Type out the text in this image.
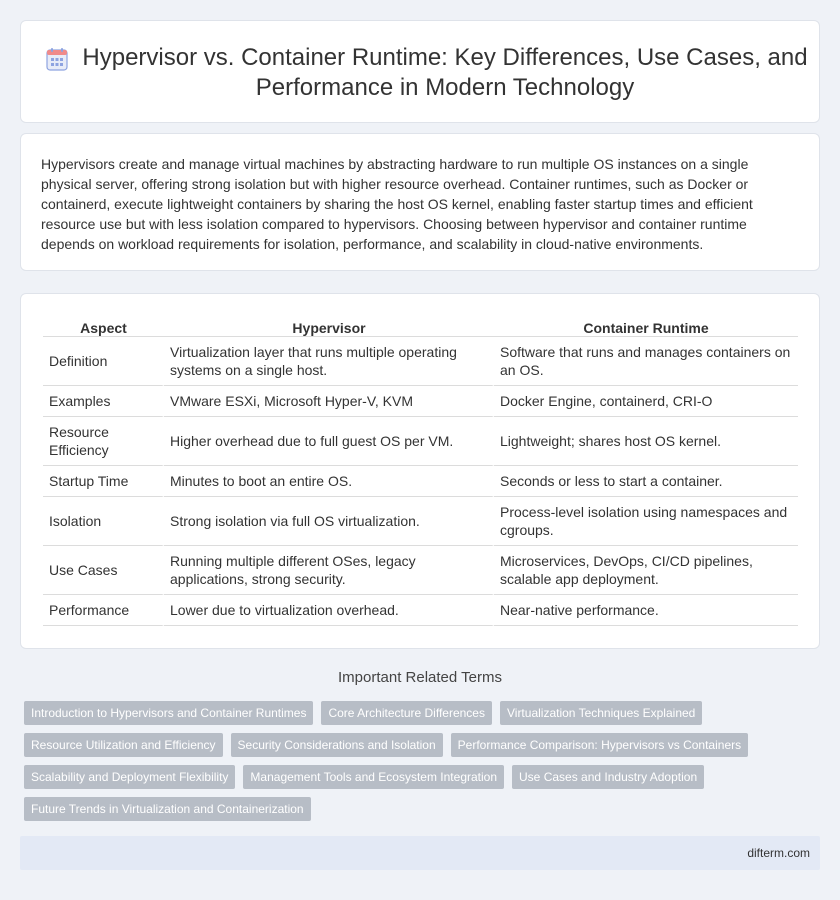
Hypervisor vs. Container Runtime: Key Differences, Use Cases, and Performance in Modern Technology

Hypervisors create and manage virtual machines by abstracting hardware to run multiple OS instances on a single physical server, offering strong isolation but with higher resource overhead. Container runtimes, such as Docker or containerd, execute lightweight containers by sharing the host OS kernel, enabling faster startup times and efficient resource use but with less isolation compared to hypervisors. Choosing between hypervisor and container runtime depends on workload requirements for isolation, performance, and scalability in cloud-native environments.

Aspect	Hypervisor	Container Runtime
Definition	Virtualization layer that runs multiple operating systems on a single host.	Software that runs and manages containers on an OS.
Examples	VMware ESXi, Microsoft Hyper-V, KVM	Docker Engine, containerd, CRI-O
Resource Efficiency	Higher overhead due to full guest OS per VM.	Lightweight; shares host OS kernel.
Startup Time	Minutes to boot an entire OS.	Seconds or less to start a container.
Isolation	Strong isolation via full OS virtualization.	Process-level isolation using namespaces and cgroups.
Use Cases	Running multiple different OSes, legacy applications, strong security.	Microservices, DevOps, CI/CD pipelines, scalable app deployment.
Performance	Lower due to virtualization overhead.	Near-native performance.
Important Related Terms
Introduction to Hypervisors and Container Runtimes	Core Architecture Differences	Virtualization Techniques Explained
Resource Utilization and Efficiency	Security Considerations and Isolation	Performance Comparison: Hypervisors vs Containers
Scalability and Deployment Flexibility	Management Tools and Ecosystem Integration	Use Cases and Industry Adoption
Future Trends in Virtualization and Containerization
difterm.com
